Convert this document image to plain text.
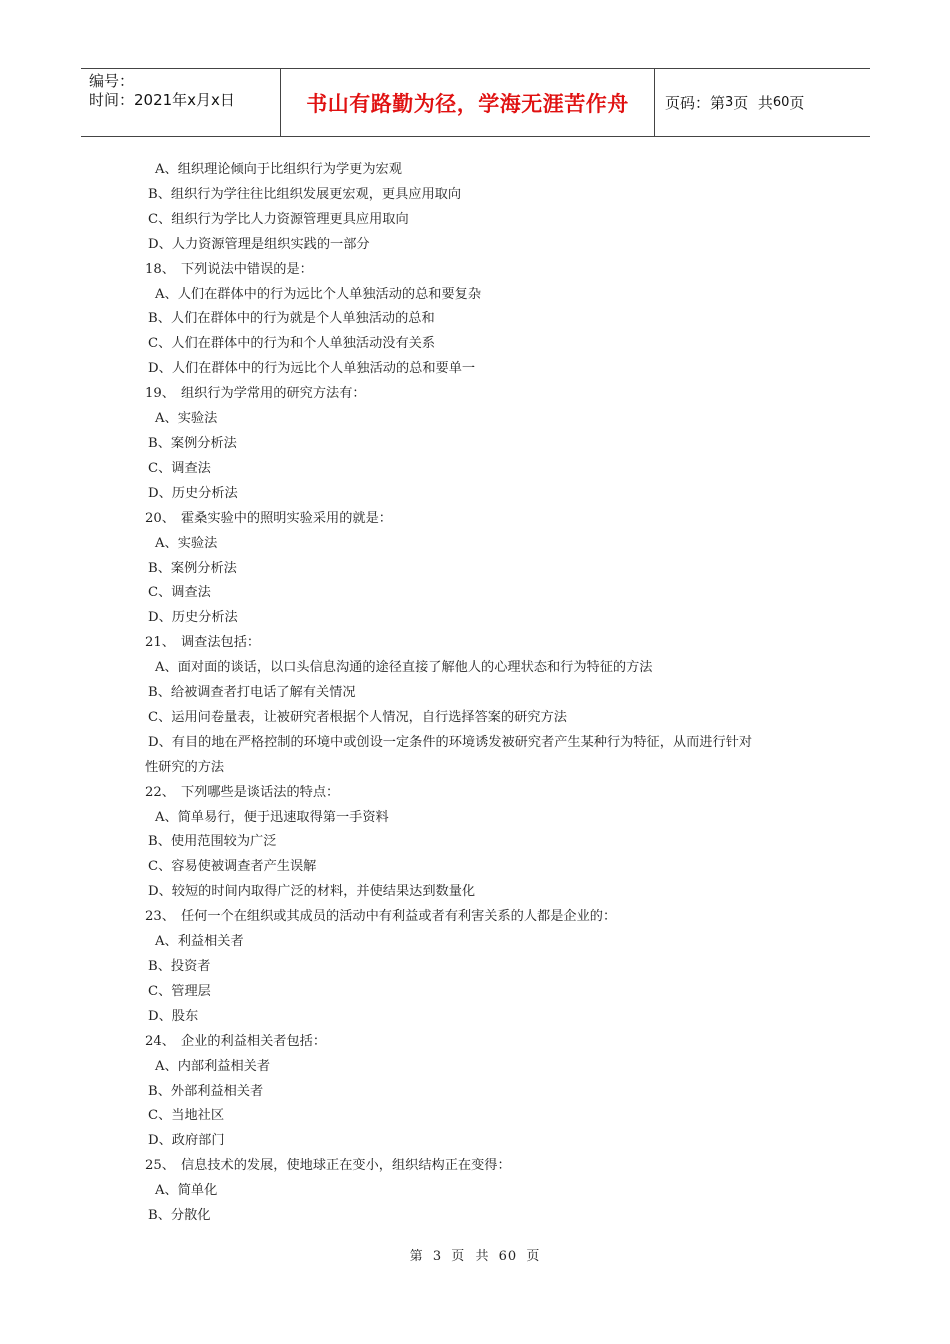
编号：
时间：2021年x月x日	书山有路勤为径，学海无涯苦作舟	页码：第 3 页  共 60 页
A、组织理论倾向于比组织行为学更为宏观
B、组织行为学往往比组织发展更宏观，更具应用取向
C、组织行为学比人力资源管理更具应用取向
D、人力资源管理是组织实践的一部分
18、 下列说法中错误的是：
A、人们在群体中的行为远比个人单独活动的总和要复杂
B、人们在群体中的行为就是个人单独活动的总和
C、人们在群体中的行为和个人单独活动没有关系
D、人们在群体中的行为远比个人单独活动的总和要单一
19、 组织行为学常用的研究方法有：
A、实验法
B、案例分析法
C、调查法
D、历史分析法
20、 霍桑实验中的照明实验采用的就是：
A、实验法
B、案例分析法
C、调查法
D、历史分析法
21、 调查法包括：
A、面对面的谈话，以口头信息沟通的途径直接了解他人的心理状态和行为特征的方法
B、给被调查者打电话了解有关情况
C、运用问卷量表，让被研究者根据个人情况，自行选择答案的研究方法
D、有目的地在严格控制的环境中或创设一定条件的环境诱发被研究者产生某种行为特征，从而进行针对
性研究的方法
22、 下列哪些是谈话法的特点：
A、简单易行，便于迅速取得第一手资料
B、使用范围较为广泛
C、容易使被调查者产生误解
D、较短的时间内取得广泛的材料，并使结果达到数量化
23、 任何一个在组织或其成员的活动中有利益或者有利害关系的人都是企业的：
A、利益相关者
B、投资者
C、管理层
D、股东
24、 企业的利益相关者包括：
A、内部利益相关者
B、外部利益相关者
C、当地社区
D、政府部门
25、 信息技术的发展，使地球正在变小，组织结构正在变得：
A、简单化
B、分散化
第 3 页  共 60 页
